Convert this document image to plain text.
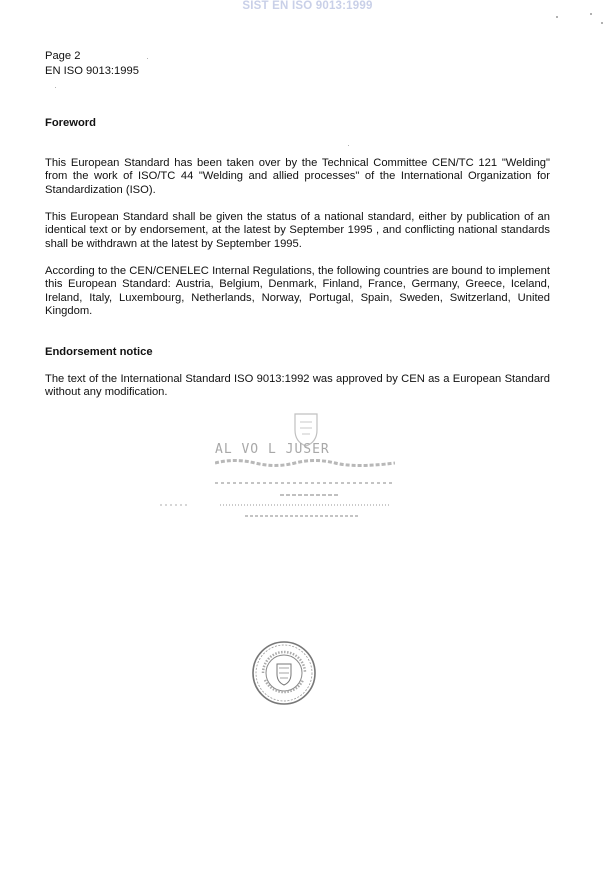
SIST EN ISO 9013:1999
Page 2
EN ISO 9013:1995
Foreword
This European Standard has been taken over by the Technical Committee CEN/TC 121 "Welding" from the work of ISO/TC 44 "Welding and allied processes" of the International Organization for Standardization (ISO).
This European Standard shall be given the status of a national standard, either by publication of an identical text or by endorsement, at the latest by September 1995 , and conflicting national standards shall be withdrawn at the latest by September 1995.
According to the CEN/CENELEC Internal Regulations, the following countries are bound to implement this European Standard: Austria, Belgium, Denmark, Finland, France, Germany, Greece, Iceland, Ireland, Italy, Luxembourg, Netherlands, Norway, Portugal, Spain, Sweden, Switzerland, United Kingdom.
Endorsement notice
The text of the International Standard ISO 9013:1992 was approved by CEN as a European Standard without any modification.
AL VO L JUSER
